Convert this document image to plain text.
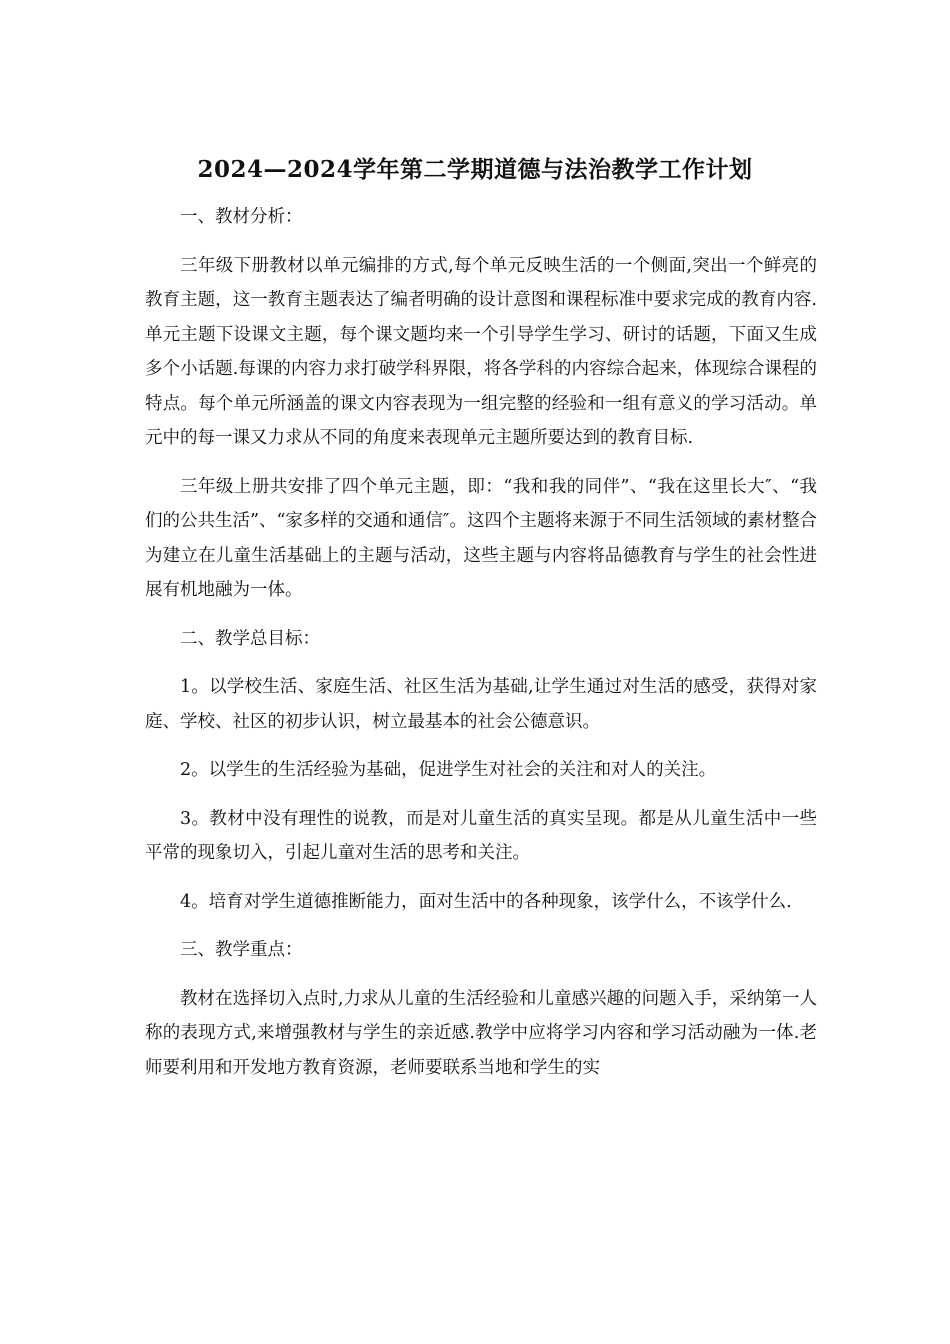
2024—2024学年第二学期道德与法治教学工作计划

一、教材分析：

三年级下册教材以单元编排的方式,每个单元反映生活的一个侧面,突出一个鲜亮的教育主题，这一教育主题表达了编者明确的设计意图和课程标准中要求完成的教育内容.单元主题下设课文主题，每个课文题均来一个引导学生学习、研讨的话题，下面又生成多个小话题.每课的内容力求打破学科界限，将各学科的内容综合起来，体现综合课程的特点。每个单元所涵盖的课文内容表现为一组完整的经验和一组有意义的学习活动。单元中的每一课又力求从不同的角度来表现单元主题所要达到的教育目标.

三年级上册共安排了四个单元主题，即：“我和我的同伴”、“我在这里长大″、“我们的公共生活”、“家多样的交通和通信″。这四个主题将来源于不同生活领域的素材整合为建立在儿童生活基础上的主题与活动，这些主题与内容将品德教育与学生的社会性进展有机地融为一体。

二、教学总目标：

1。以学校生活、家庭生活、社区生活为基础,让学生通过对生活的感受，获得对家庭、学校、社区的初步认识，树立最基本的社会公德意识。

2。以学生的生活经验为基础，促进学生对社会的关注和对人的关注。

3。教材中没有理性的说教，而是对儿童生活的真实呈现。都是从儿童生活中一些平常的现象切入，引起儿童对生活的思考和关注。

4。培育对学生道德推断能力，面对生活中的各种现象，该学什么，不该学什么.

三、教学重点：

教材在选择切入点时,力求从儿童的生活经验和儿童感兴趣的问题入手，采纳第一人称的表现方式,来增强教材与学生的亲近感.教学中应将学习内容和学习活动融为一体.老师要利用和开发地方教育资源，老师要联系当地和学生的实
